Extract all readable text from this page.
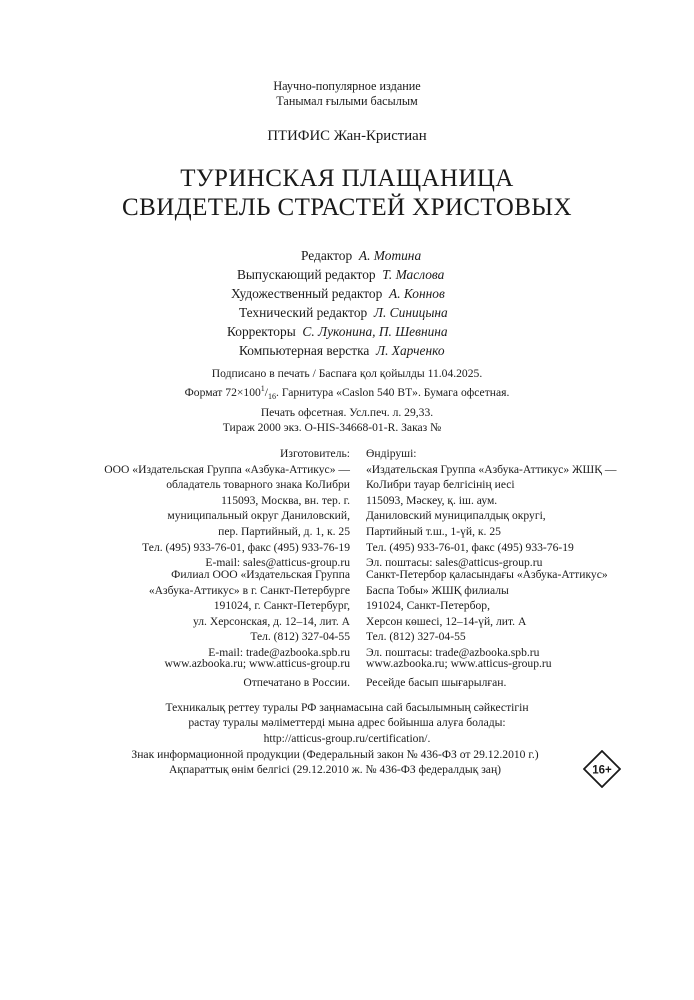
Научно-популярное издание
Танымал ғылыми басылым
ПТИФИС Жан-Кристиан
ТУРИНСКАЯ ПЛАЩАНИЦА
СВИДЕТЕЛЬ СТРАСТЕЙ ХРИСТОВЫХ
Редактор А. Мотина
Выпускающий редактор Т. Маслова
Художественный редактор А. Коннов
Технический редактор Л. Синицына
Корректоры С. Луконина, П. Шевнина
Компьютерная верстка Л. Харченко
Подписано в печать / Баспаға қол қойылды 11.04.2025.
Формат $72\times 100^1/_{16}$. Гарнитура «Caslon 540 BT». Бумага офсетная.
Печать офсетная. Усл.печ. л. 29,33.
Тираж 2000 экз. O-HIS-34668-01-R. Заказ №
Изготовитель:
ООО «Издательская Группа «Азбука-Аттикус» —
обладатель товарного знака КоЛибри
115093, Москва, вн. тер. г.
муниципальный округ Даниловский,
пер. Партийный, д. 1, к. 25
Тел. (495) 933-76-01, факс (495) 933-76-19
E-mail: sales@atticus-group.ru
Өндіруші:
«Издательская Группа «Азбука-Аттикус» ЖШҚ —
КоЛибри тауар белгісінің иесі
115093, Мәскеу, қ. іш. аум.
Даниловский муниципалдық округі,
Партийный т.ш., 1-үй, к. 25
Тел. (495) 933-76-01, факс (495) 933-76-19
Эл. поштасы: sales@atticus-group.ru
Филиал ООО «Издательская Группа
«Азбука-Аттикус» в г. Санкт-Петербурге
191024, г. Санкт-Петербург,
ул. Херсонская, д. 12–14, лит. А
Тел. (812) 327-04-55
E-mail: trade@azbooka.spb.ru
Санкт-Петербор қаласындағы «Азбука-Аттикус»
Баспа Тобы» ЖШҚ филиалы
191024, Санкт-Петербор,
Херсон көшесі, 12–14-үй, лит. А
Тел. (812) 327-04-55
Эл. поштасы: trade@azbooka.spb.ru
www.azbooka.ru; www.atticus-group.ru www.azbooka.ru; www.atticus-group.ru
Отпечатано в России. Ресейде басып шығарылған.
Техникалық реттеу туралы РФ заңнамасына сай басылымның сәйкестігін
растау туралы мәліметтерді мына адрес бойынша алуға болады:
http://atticus-group.ru/certification/.
Знак информационной продукции (Федеральный закон № 436-ФЗ от 29.12.2010 г.)
Ақпараттық өнім белгісі (29.12.2010 ж. № 436-ФЗ федералдық заң)	16+
